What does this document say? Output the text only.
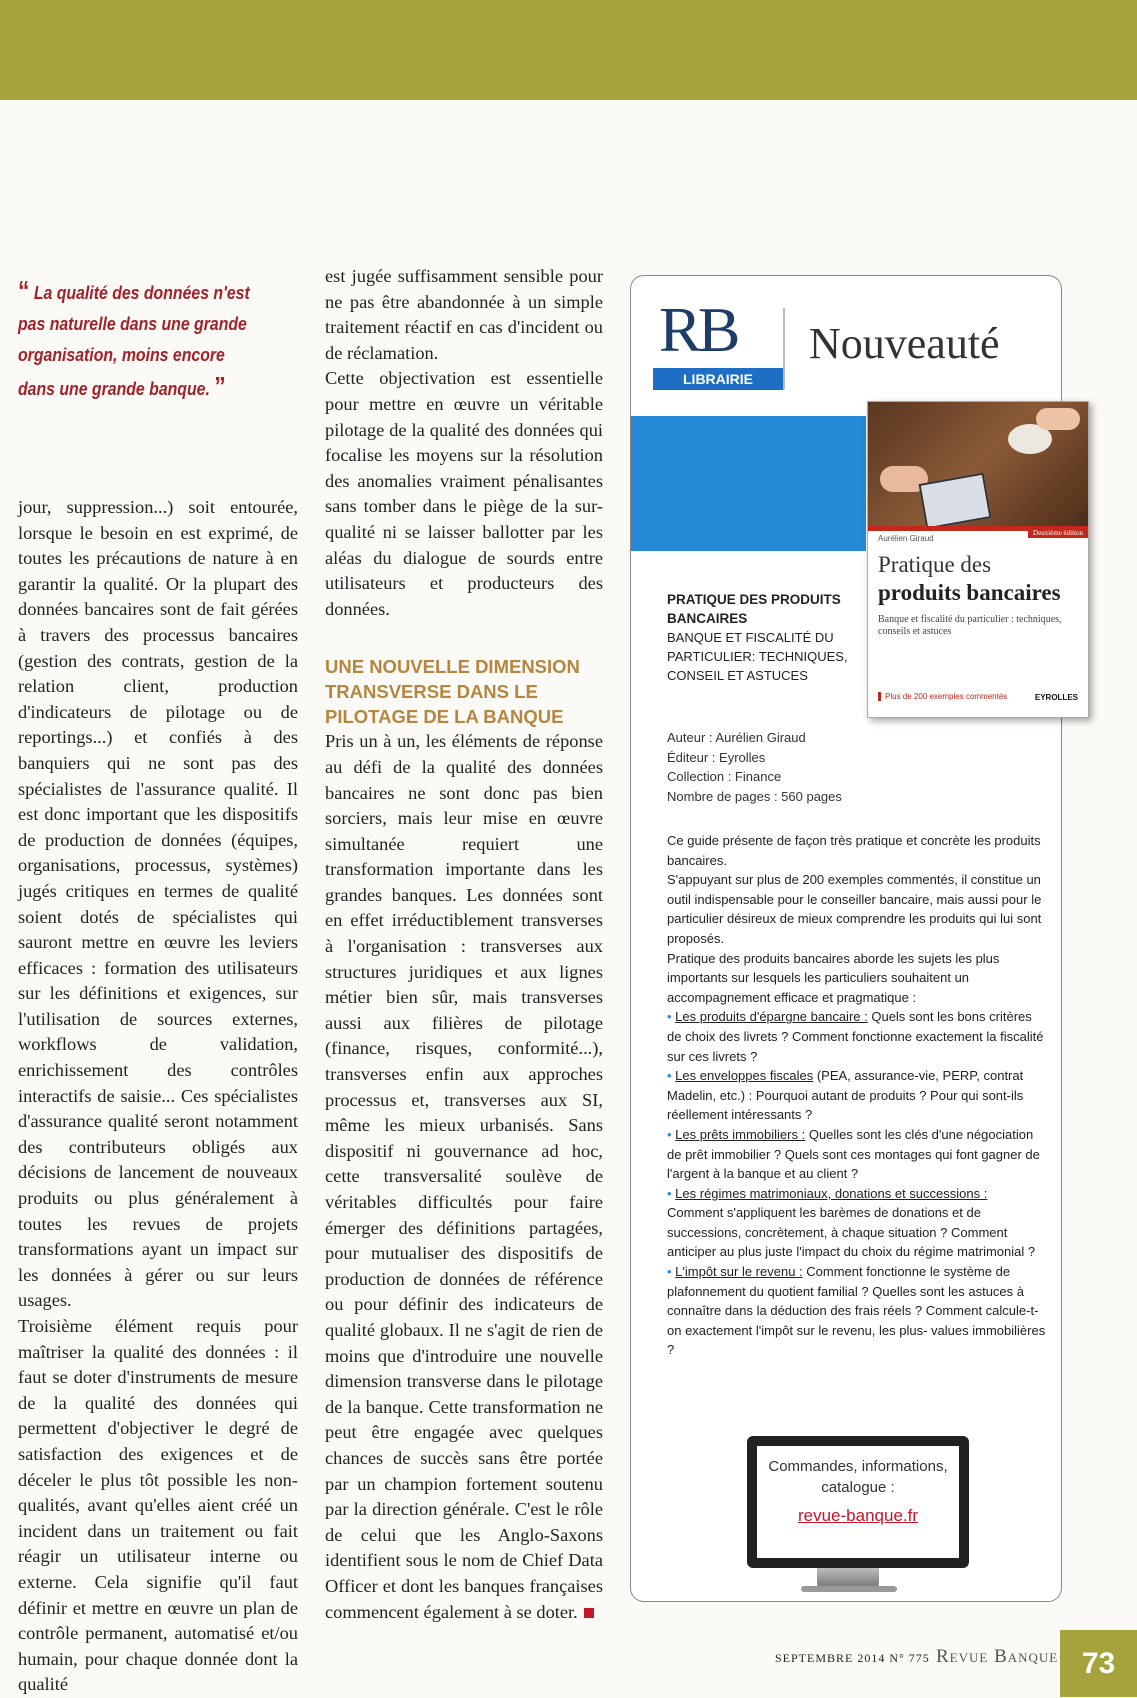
“ La qualité des données n'est pas naturelle dans une grande organisation, moins encore dans une grande banque. ”

jour, suppression...) soit entourée, lorsque le besoin en est exprimé, de toutes les précautions de nature à en garantir la qualité. Or la plupart des données bancaires sont de fait gérées à travers des processus bancaires (gestion des contrats, gestion de la relation client, production d'indicateurs de pilotage ou de reportings...) et confiés à des banquiers qui ne sont pas des spécialistes de l'assurance qualité. Il est donc important que les dispositifs de production de données (équipes, organisations, processus, systèmes) jugés critiques en termes de qualité soient dotés de spécialistes qui sauront mettre en œuvre les leviers efficaces : formation des utilisateurs sur les définitions et exigences, sur l'utilisation de sources externes, workflows de validation, enrichissement des contrôles interactifs de saisie... Ces spécialistes d'assurance qualité seront notamment des contributeurs obligés aux décisions de lancement de nouveaux produits ou plus généralement à toutes les revues de projets transformations ayant un impact sur les données à gérer ou sur leurs usages.

Troisième élément requis pour maîtriser la qualité des données : il faut se doter d'instruments de mesure de la qualité des données qui permettent d'objectiver le degré de satisfaction des exigences et de déceler le plus tôt possible les non-qualités, avant qu'elles aient créé un incident dans un traitement ou fait réagir un utilisateur interne ou externe. Cela signifie qu'il faut définir et mettre en œuvre un plan de contrôle permanent, automatisé et/ou humain, pour chaque donnée dont la qualité

est jugée suffisamment sensible pour ne pas être abandonnée à un simple traitement réactif en cas d'incident ou de réclamation.

Cette objectivation est essentielle pour mettre en œuvre un véritable pilotage de la qualité des données qui focalise les moyens sur la résolution des anomalies vraiment pénalisantes sans tomber dans le piège de la sur-qualité ni se laisser ballotter par les aléas du dialogue de sourds entre utilisateurs et producteurs des données.

UNE NOUVELLE DIMENSION TRANSVERSE DANS LE PILOTAGE DE LA BANQUE

Pris un à un, les éléments de réponse au défi de la qualité des données bancaires ne sont donc pas bien sorciers, mais leur mise en œuvre simultanée requiert une transformation importante dans les grandes banques. Les données sont en effet irréductiblement transverses à l'organisation : transverses aux structures juridiques et aux lignes métier bien sûr, mais transverses aussi aux filières de pilotage (finance, risques, conformité...), transverses enfin aux approches processus et, transverses aux SI, même les mieux urbanisés. Sans dispositif ni gouvernance ad hoc, cette transversalité soulève de véritables difficultés pour faire émerger des définitions partagées, pour mutualiser des dispositifs de production de données de référence ou pour définir des indicateurs de qualité globaux. Il ne s'agit de rien de moins que d'introduire une nouvelle dimension transverse dans le pilotage de la banque. Cette transformation ne peut être engagée avec quelques chances de succès sans être portée par un champion fortement soutenu par la direction générale. C'est le rôle de celui que les Anglo-Saxons identifient sous le nom de Chief Data Officer et dont les banques françaises commencent également à se doter.

RB
LIBRAIRIE
Nouveauté
Aurélien Giraud
Deuxième édition
Pratique des
produits bancaires
Banque et fiscalité du particulier : techniques, conseils et astuces
Plus de 200 exemples commentés	EYROLLES
PRATIQUE DES PRODUITS BANCAIRES
BANQUE ET FISCALITÉ DU PARTICULIER: TECHNIQUES, CONSEIL ET ASTUCES
Auteur : Aurélien Giraud
Éditeur : Eyrolles
Collection : Finance
Nombre de pages : 560 pages

Ce guide présente de façon très pratique et concrète les produits bancaires.

S'appuyant sur plus de 200 exemples commentés, il constitue un outil indispensable pour le conseiller bancaire, mais aussi pour le particulier désireux de mieux comprendre les produits qui lui sont proposés.

Pratique des produits bancaires aborde les sujets les plus importants sur lesquels les particuliers souhaitent un accompagnement efficace et pragmatique :

• Les produits d'épargne bancaire : Quels sont les bons critères de choix des livrets ? Comment fonctionne exactement la fiscalité sur ces livrets ?

• Les enveloppes fiscales (PEA, assurance-vie, PERP, contrat Madelin, etc.) : Pourquoi autant de produits ? Pour qui sont-ils réellement intéressants ?

• Les prêts immobiliers : Quelles sont les clés d'une négociation de prêt immobilier ? Quels sont ces montages qui font gagner de l'argent à la banque et au client ?

• Les régimes matrimoniaux, donations et successions : Comment s'appliquent les barèmes de donations et de successions, concrètement, à chaque situation ? Comment anticiper au plus juste l'impact du choix du régime matrimonial ?

• L'impôt sur le revenu : Comment fonctionne le système de plafonnement du quotient familial ? Quelles sont les astuces à connaître dans la déduction des frais réels ? Comment calcule-t-on exactement l'impôt sur le revenu, les plus- values immobilières ?

Commandes, informations, catalogue :
revue-banque.fr
SEPTEMBRE 2014 N° 775 Revue Banque 73
